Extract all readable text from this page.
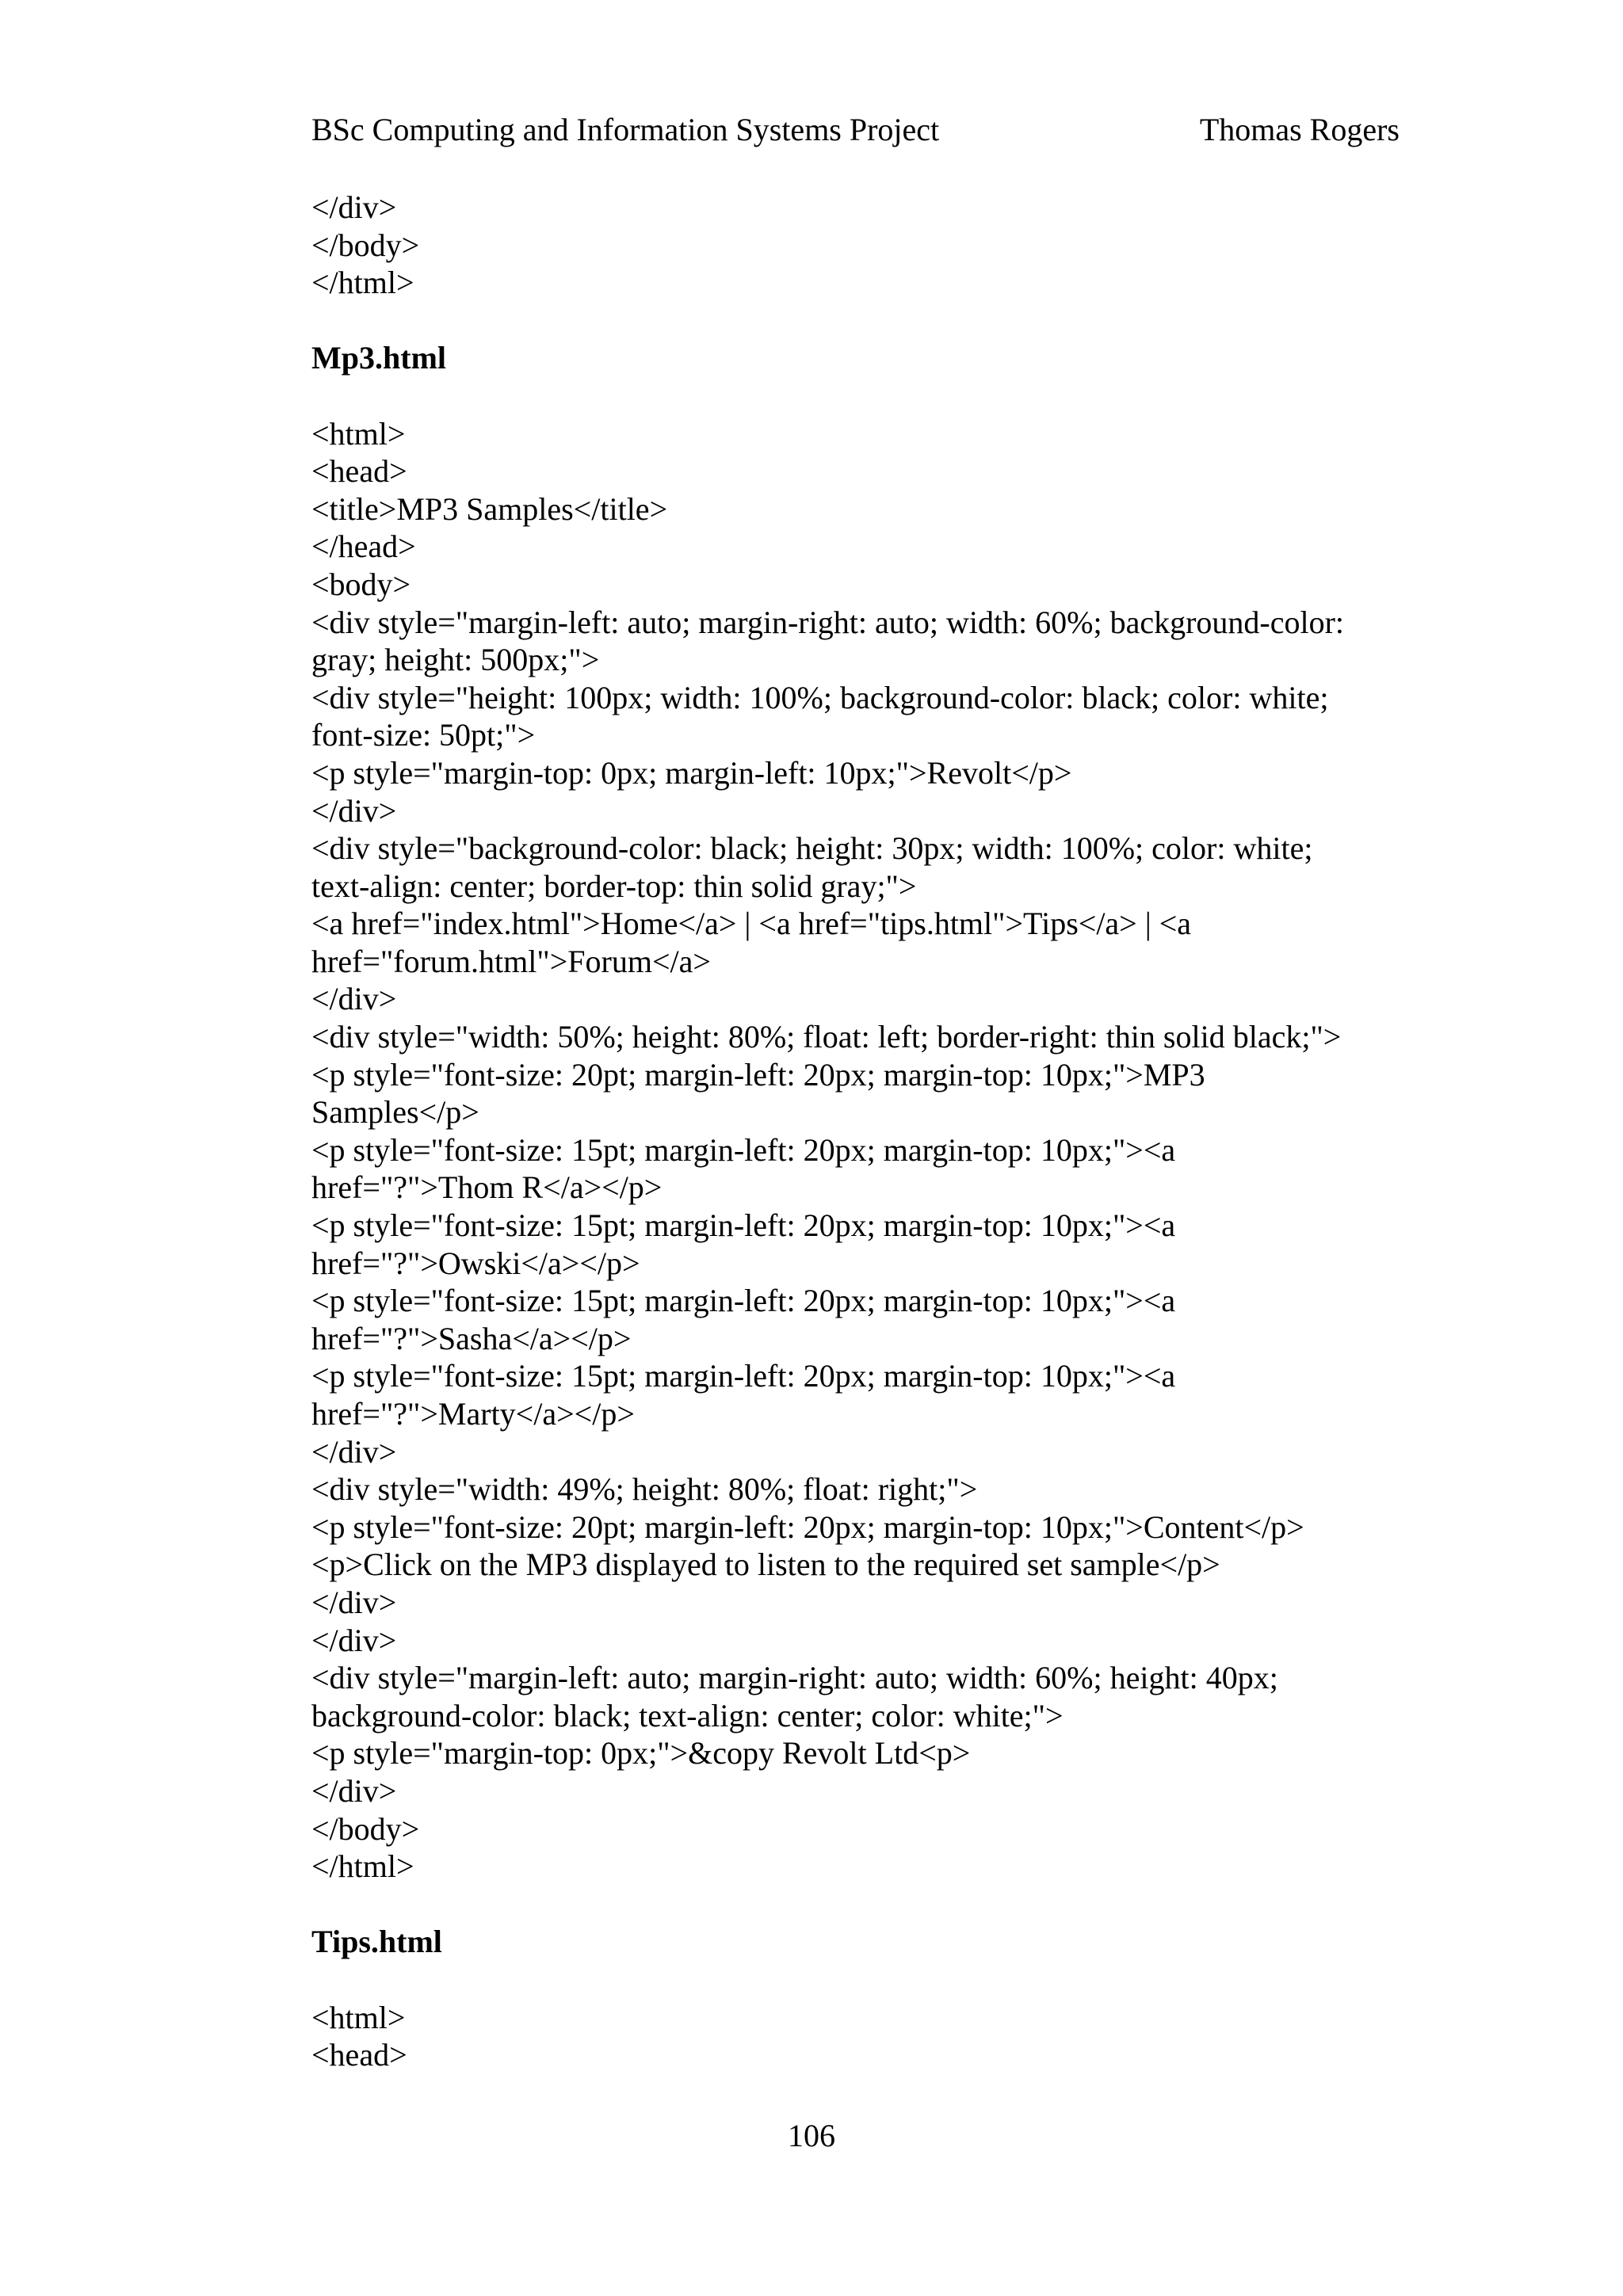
BSc Computing and Information Systems Project	Thomas Rogers
</div>
</body>
</html>
Mp3.html
<html>
<head>
<title>MP3 Samples</title>
</head>
<body>
<div style="margin-left: auto; margin-right: auto; width: 60%; background-color:
gray; height: 500px;">
<div style="height: 100px; width: 100%; background-color: black; color: white;
font-size: 50pt;">
<p style="margin-top: 0px; margin-left: 10px;">Revolt</p>
</div>
<div style="background-color: black; height: 30px; width: 100%; color: white;
text-align: center; border-top: thin solid gray;">
<a href="index.html">Home</a> | <a href="tips.html">Tips</a> | <a
href="forum.html">Forum</a>
</div>
<div style="width: 50%; height: 80%; float: left; border-right: thin solid black;">
<p style="font-size: 20pt; margin-left: 20px; margin-top: 10px;">MP3
Samples</p>
<p style="font-size: 15pt; margin-left: 20px; margin-top: 10px;"><a
href="?">Thom R</a></p>
<p style="font-size: 15pt; margin-left: 20px; margin-top: 10px;"><a
href="?">Owski</a></p>
<p style="font-size: 15pt; margin-left: 20px; margin-top: 10px;"><a
href="?">Sasha</a></p>
<p style="font-size: 15pt; margin-left: 20px; margin-top: 10px;"><a
href="?">Marty</a></p>
</div>
<div style="width: 49%; height: 80%; float: right;">
<p style="font-size: 20pt; margin-left: 20px; margin-top: 10px;">Content</p>
<p>Click on the MP3 displayed to listen to the required set sample</p>
</div>
</div>
<div style="margin-left: auto; margin-right: auto; width: 60%; height: 40px;
background-color: black; text-align: center; color: white;">
<p style="margin-top: 0px;">&copy Revolt Ltd<p>
</div>
</body>
</html>
Tips.html
<html>
<head>
106
